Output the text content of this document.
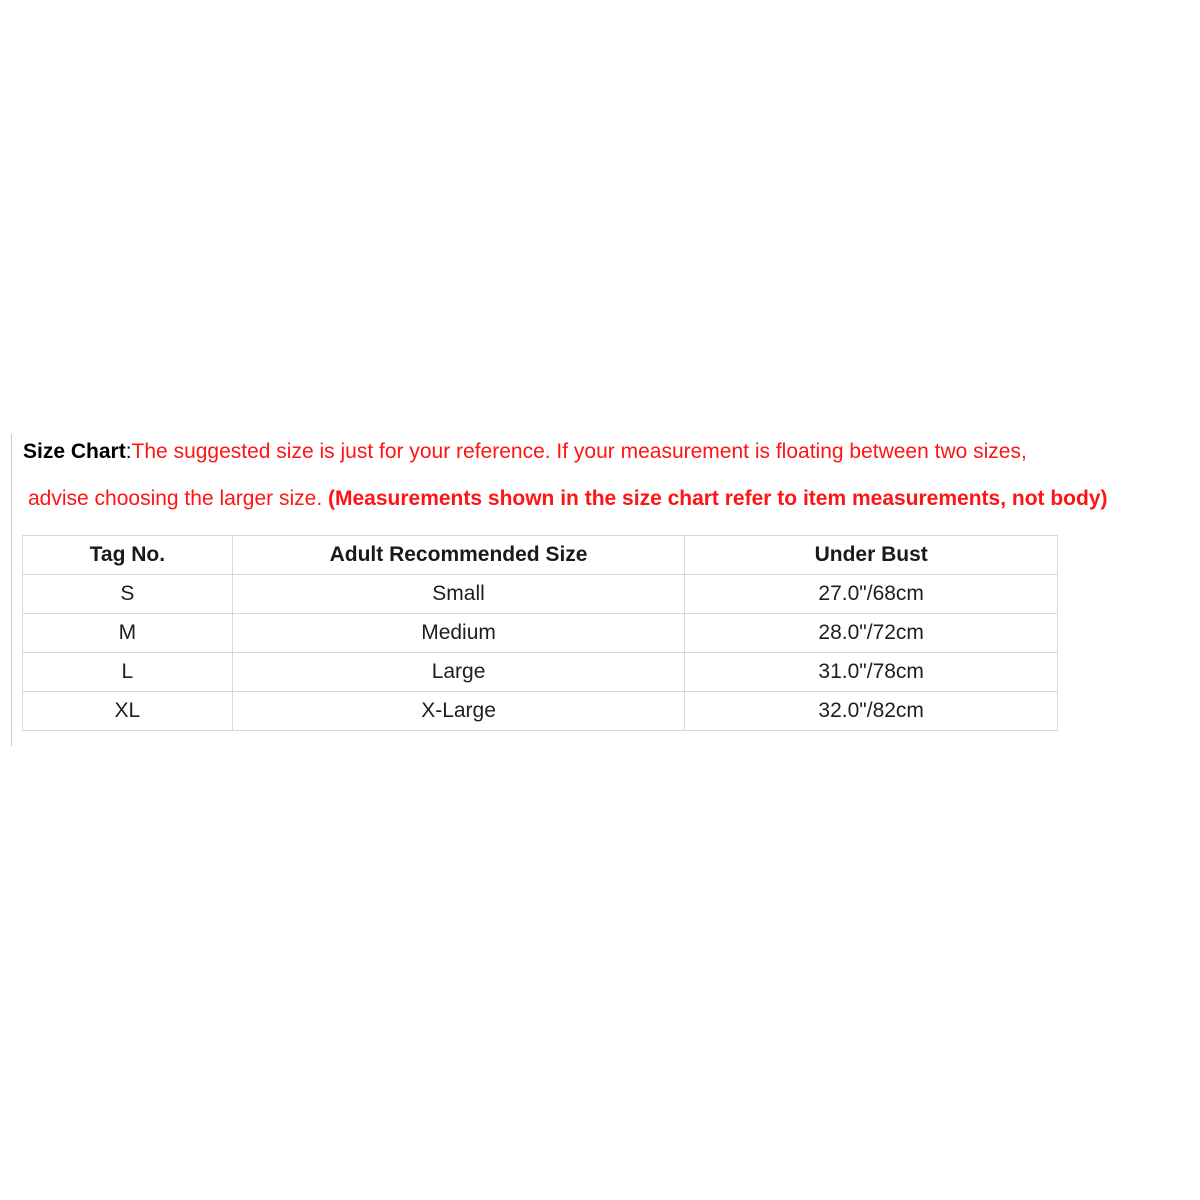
Size Chart:The suggested size is just for your reference. If your measurement is floating between two sizes,
advise choosing the larger size. (Measurements shown in the size chart refer to item measurements, not body)
Tag No.	Adult Recommended Size	Under Bust
S	Small	27.0"/68cm
M	Medium	28.0"/72cm
L	Large	31.0"/78cm
XL	X-Large	32.0"/82cm
